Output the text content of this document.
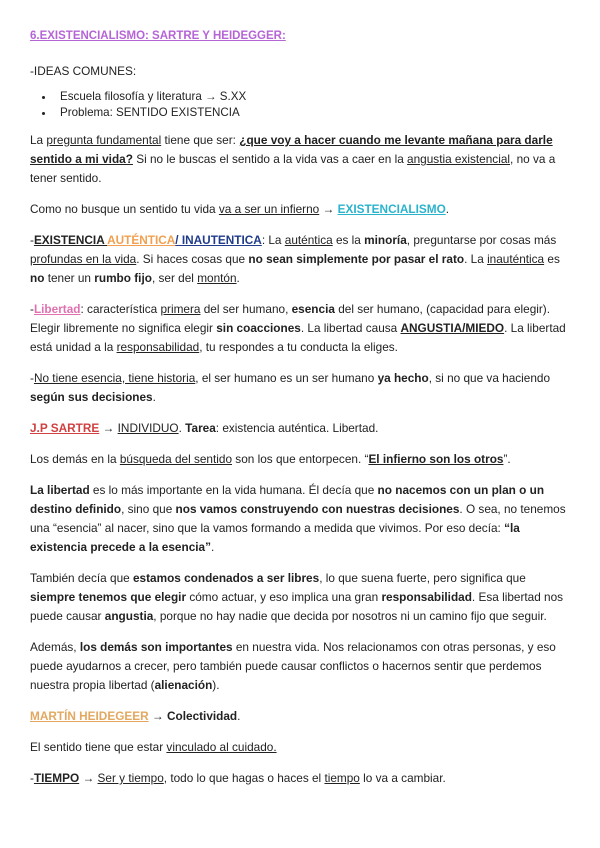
6.EXISTENCIALISMO: SARTRE Y HEIDEGGER:

-IDEAS COMUNES:

• Escuela filosofía y literatura → S.XX
• Problema: SENTIDO EXISTENCIA

La pregunta fundamental tiene que ser: ¿que voy a hacer cuando me levante mañana para darle sentido a mi vida? Si no le buscas el sentido a la vida vas a caer en la angustia existencial, no va a tener sentido.

Como no busque un sentido tu vida va a ser un infierno → EXISTENCIALISMO.

-EXISTENCIA AUTÉNTICA/ INAUTENTICA: La auténtica es la minoría, preguntarse por cosas más profundas en la vida. Si haces cosas que no sean simplemente por pasar el rato. La inauténtica es no tener un rumbo fijo, ser del montón.

-Libertad: característica primera del ser humano, esencia del ser humano, (capacidad para elegir). Elegir libremente no significa elegir sin coacciones. La libertad causa ANGUSTIA/MIEDO. La libertad está unidad a la responsabilidad, tu respondes a tu conducta la eliges.

-No tiene esencia, tiene historia, el ser humano es un ser humano ya hecho, si no que va haciendo según sus decisiones.

J.P SARTRE → INDIVIDUO. Tarea: existencia auténtica. Libertad.

Los demás en la búsqueda del sentido son los que entorpecen. “El infierno son los otros”.

La libertad es lo más importante en la vida humana. Él decía que no nacemos con un plan o un destino definido, sino que nos vamos construyendo con nuestras decisiones. O sea, no tenemos una “esencia” al nacer, sino que la vamos formando a medida que vivimos. Por eso decía: “la existencia precede a la esencia”.

También decía que estamos condenados a ser libres, lo que suena fuerte, pero significa que siempre tenemos que elegir cómo actuar, y eso implica una gran responsabilidad. Esa libertad nos puede causar angustia, porque no hay nadie que decida por nosotros ni un camino fijo que seguir.

Además, los demás son importantes en nuestra vida. Nos relacionamos con otras personas, y eso puede ayudarnos a crecer, pero también puede causar conflictos o hacernos sentir que perdemos nuestra propia libertad (alienación).

MARTÍN HEIDEGEER → Colectividad.

El sentido tiene que estar vinculado al cuidado.

-TIEMPO → Ser y tiempo, todo lo que hagas o haces el tiempo lo va a cambiar.
